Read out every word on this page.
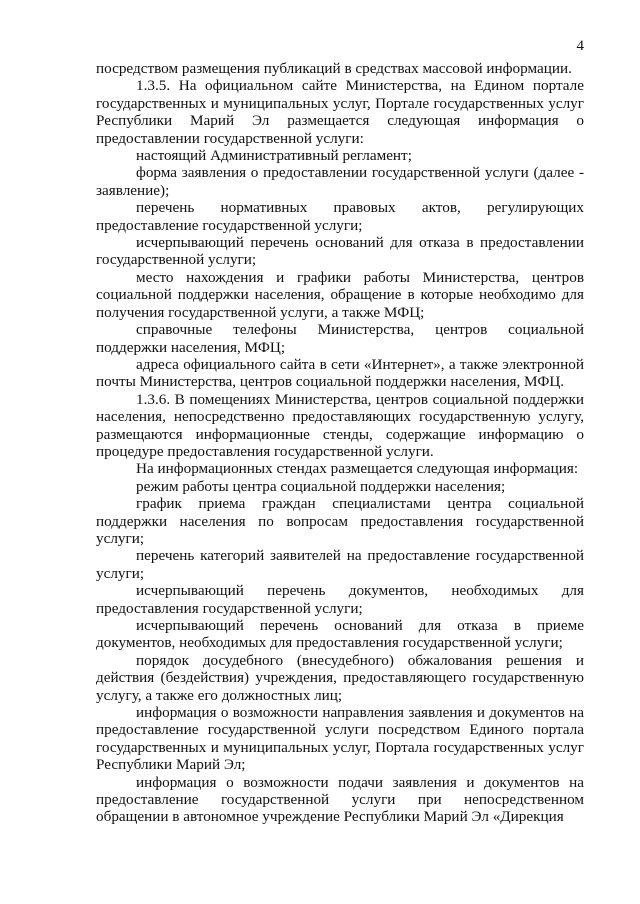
4

посредством размещения публикаций в средствах массовой информации.

1.3.5. На официальном сайте Министерства, на Едином портале государственных и муниципальных услуг, Портале государственных услуг Республики Марий Эл размещается следующая информация о предоставлении государственной услуги:

настоящий Административный регламент;

форма заявления о предоставлении государственной услуги (далее - заявление);

перечень нормативных правовых актов, регулирующих предоставление государственной услуги;

исчерпывающий перечень оснований для отказа в предоставлении государственной услуги;

место нахождения и графики работы Министерства, центров социальной поддержки населения, обращение в которые необходимо для получения государственной услуги, а также МФЦ;

справочные телефоны Министерства, центров социальной поддержки населения, МФЦ;

адреса официального сайта в сети «Интернет», а также электронной почты Министерства, центров социальной поддержки населения, МФЦ.

1.3.6. В помещениях Министерства, центров социальной поддержки населения, непосредственно предоставляющих государственную услугу, размещаются информационные стенды, содержащие информацию о процедуре предоставления государственной услуги.

На информационных стендах размещается следующая информация:

режим работы центра социальной поддержки населения;

график приема граждан специалистами центра социальной поддержки населения по вопросам предоставления государственной услуги;

перечень категорий заявителей на предоставление государственной услуги;

исчерпывающий перечень документов, необходимых для предоставления государственной услуги;

исчерпывающий перечень оснований для отказа в приеме документов, необходимых для предоставления государственной услуги;

порядок досудебного (внесудебного) обжалования решения и действия (бездействия) учреждения, предоставляющего государственную услугу, а также его должностных лиц;

информация о возможности направления заявления и документов на предоставление государственной услуги посредством Единого портала государственных и муниципальных услуг, Портала государственных услуг Республики Марий Эл;

информация о возможности подачи заявления и документов на предоставление государственной услуги при непосредственном обращении в автономное учреждение Республики Марий Эл «Дирекция
